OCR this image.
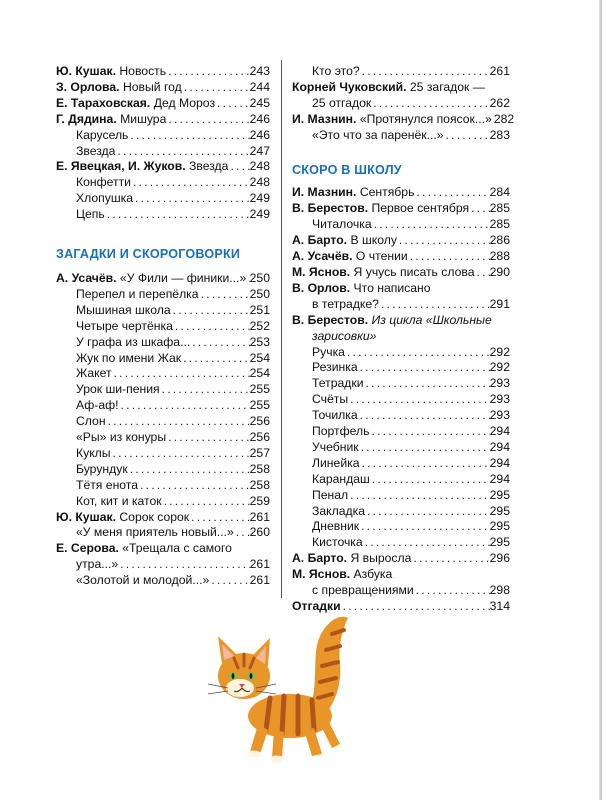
Ю. Кушак. Новость . . .	243
З. Орлова. Новый год . . .	244
Е. Тараховская. Дед Мороз . . .	245
Г. Дядина. Мишура . . .	246
Карусель . . .	246
Звезда . . .	247
Е. Явецкая, И. Жуков. Звезда . . . 248
Конфетти . . .	248
Хлопушка . . .	249
Цепь . . .	249
ЗАГАДКИ И СКОРОГОВОРКИ
А. Усачёв. «У Фили — финики...» . . . 250
Перепел и перепёлка . . .	250
Мышиная школа . . .	251
Четыре чертёнка . . .	252
У графа из шкафа... . . .	253
Жук по имени Жак . . .	254
Жакет . . .	254
Урок ши-пения . . .	255
Аф-аф! . . .	255
Слон . . .	256
«Ры» из конуры . . .	256
Куклы . . .	257
Бурундук . . .	258
Тётя енота . . .	258
Кот, кит и каток . . .	259
Ю. Кушак. Сорок сорок . . .	261
«У меня приятель новый...» . . . 260
Е. Серова. «Трещала с самого
утра...» . . .	261
«Золотой и молодой...» . . .	261
Кто это? . . .	261
Корней Чуковский. 25 загадок —
25 отгадок . . .	262
И. Мазнин. «Протянулся поясок...» 282
«Это что за паренёк...» . . .	283
СКОРО В ШКОЛУ
И. Мазнин. Сентябрь . . .	284
В. Берестов. Первое сентября . . . 285
Читалочка . . .	285
А. Барто. В школу . . .	286
А. Усачёв. О чтении . . .	288
М. Яснов. Я учусь писать слова . . . 290
В. Орлов. Что написано
в тетрадке? . . .	291
В. Берестов. Из цикла «Школьные
зарисовки»
Ручка . . .	292
Резинка . . .	292
Тетрадки . . .	293
Счёты . . .	293
Точилка . . .	293
Портфель . . .	294
Учебник . . .	294
Линейка . . .	294
Карандаш . . .	294
Пенал . . .	295
Закладка . . .	295
Дневник . . .	295
Кисточка . . .	295
А. Барто. Я выросла . . .	296
М. Яснов. Азбука
с превращениями . . .	298
Отгадки . . .	314
